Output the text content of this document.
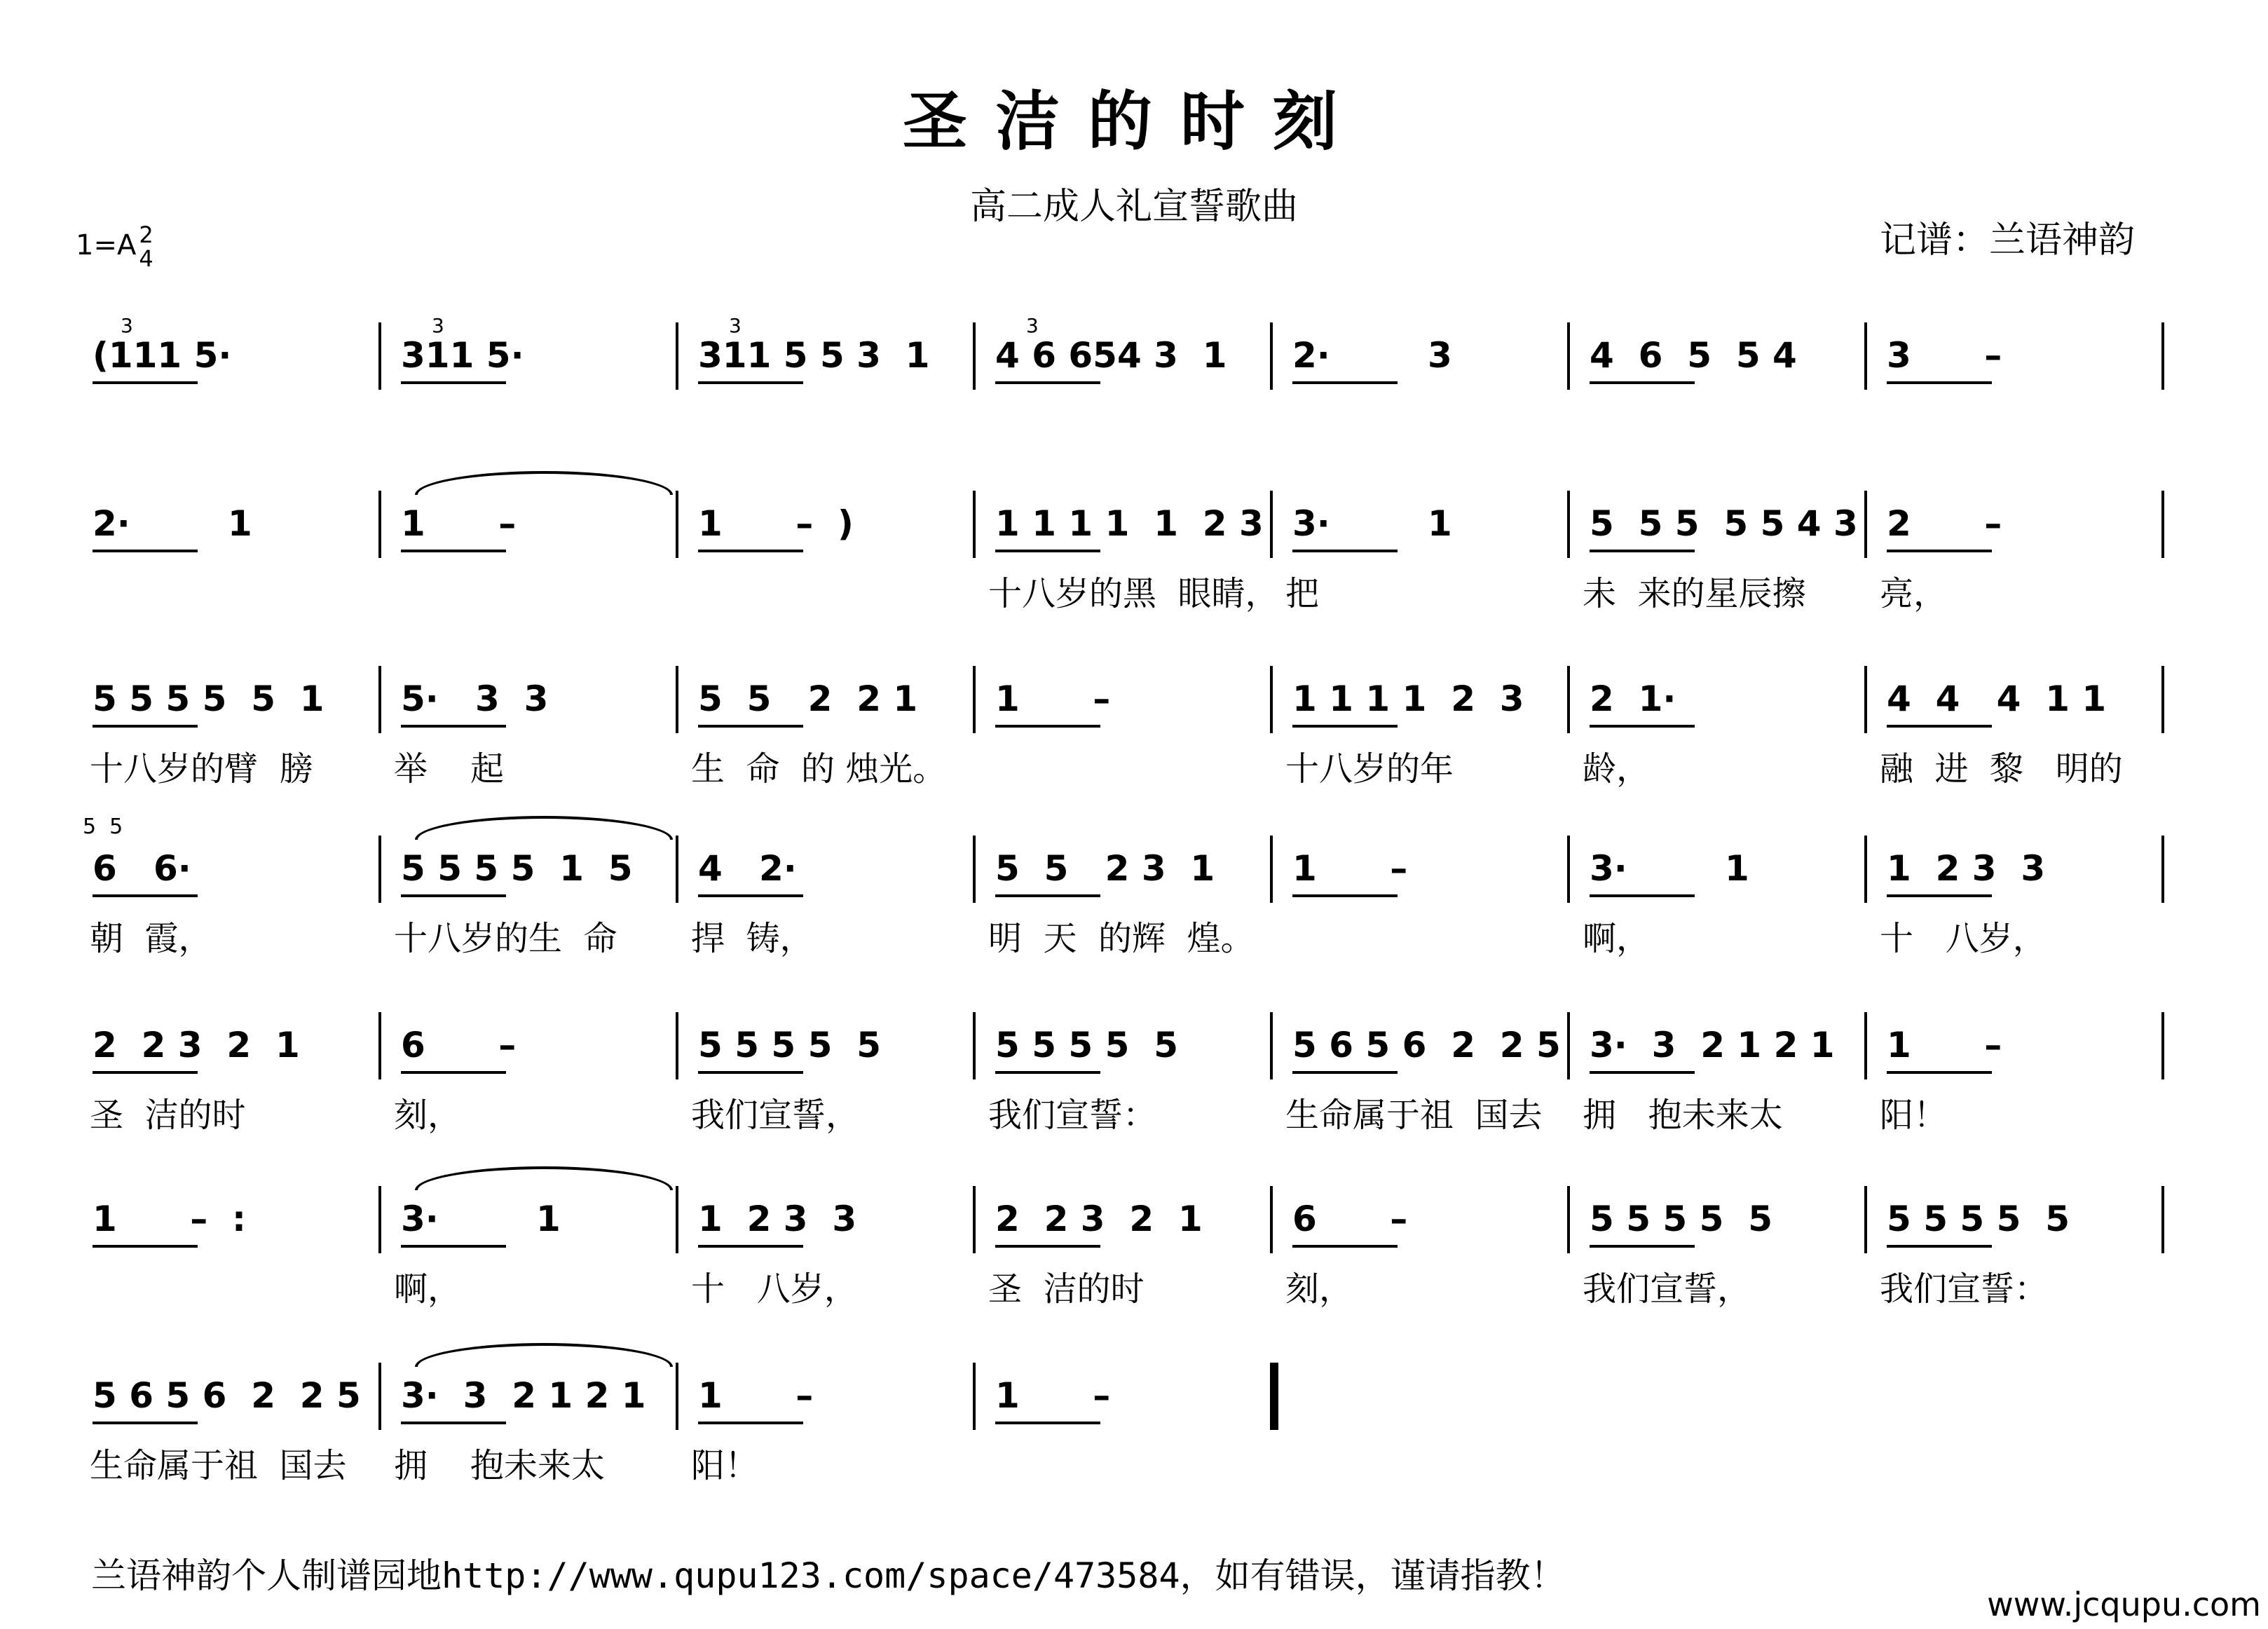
圣洁的时刻
高二成人礼宣誓歌曲
记谱：兰语神韵
1=A 2
4
(111 5·	311 5·	311 5 5 3  1 4 6 654 3  1 2·        3	4  6  5  5 4	3      –
2·        1	1      –	1      –  )	1 1 1 1  1  2 3
十八岁的黑  眼睛，
3·        1
把
5  5 5  5 5 4 3
未  来的星辰擦
2      –
亮，
5 5 5 5  5  1
十八岁的臂  膀
5·   3  3
举    起
5  5   2  2 1
生  命  的 烛光。
1      –	1 1 1 1  2  3
十八岁的年
2  1·
龄，
4  4   4  1 1
融  进  黎   明的
6   6·
朝  霞，
5 5 5 5  1  5
十八岁的生  命
4   2·
捍  铸，
5  5   2 3  1
明  天  的辉  煌。
1      –	3·        1
啊，
1  2 3  3
十   八岁，
2  2 3  2  1
圣  洁的时
6      –
刻，
5 5 5 5  5
我们宣誓，
5 5 5 5  5
我们宣誓：
5 6 5 6  2  2 5
生命属于祖  国去
3·  3  2 1 2 1
拥   抱未来太
1      –
阳！
1      –  :	3·        1
啊，
1  2 3  3
十   八岁，
2  2 3  2  1
圣  洁的时
6      –
刻，
5 5 5 5  5
我们宣誓，
5 5 5 5  5
我们宣誓：
5 6 5 6  2  2 5
生命属于祖  国去
3·  3  2 1 2 1
拥    抱未来太
1      –
阳！
1      –
兰语神韵个人制谱园地http://www.qupu123.com/space/473584，如有错误，谨请指教！
www.jcqupu.com
3	3	3	3
5  5
